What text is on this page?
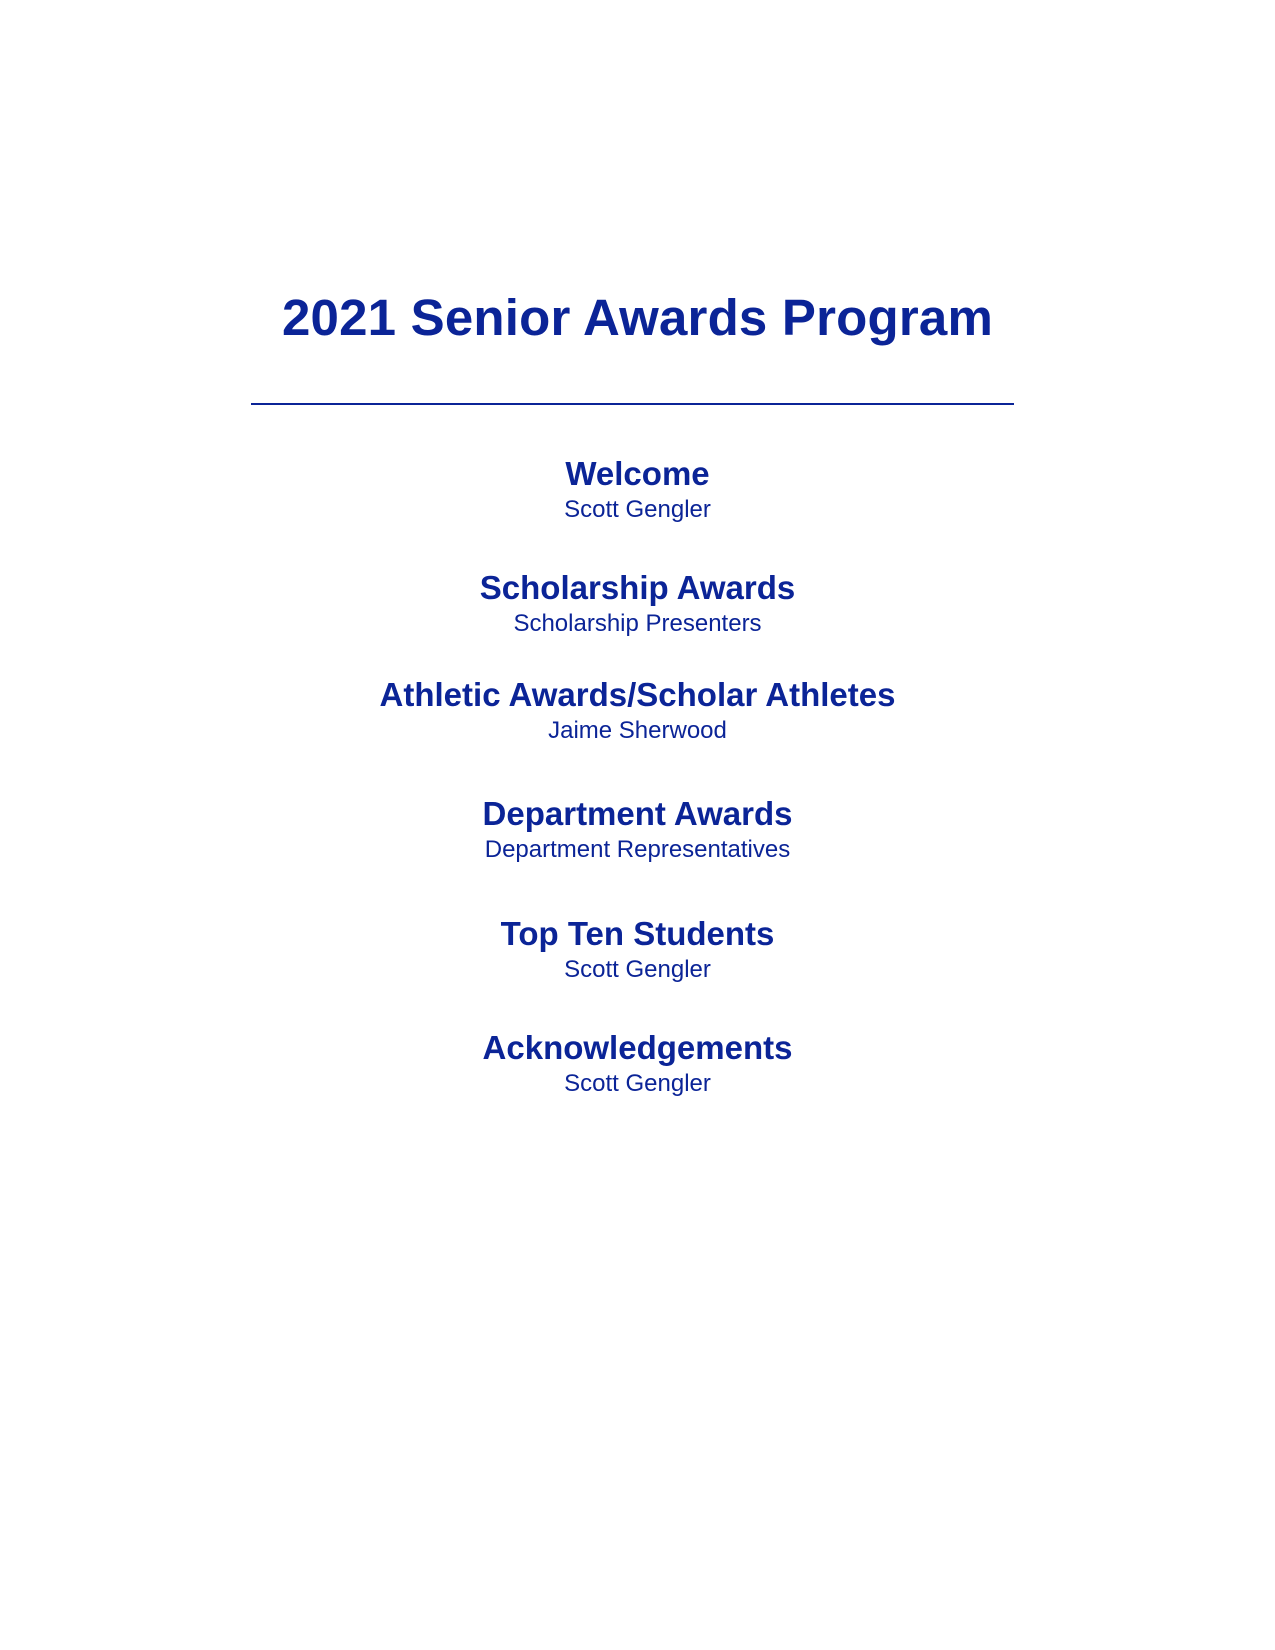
2021 Senior Awards Program
Welcome
Scott Gengler
Scholarship Awards
Scholarship Presenters
Athletic Awards/Scholar Athletes
Jaime Sherwood
Department Awards
Department Representatives
Top Ten Students
Scott Gengler
Acknowledgements
Scott Gengler
